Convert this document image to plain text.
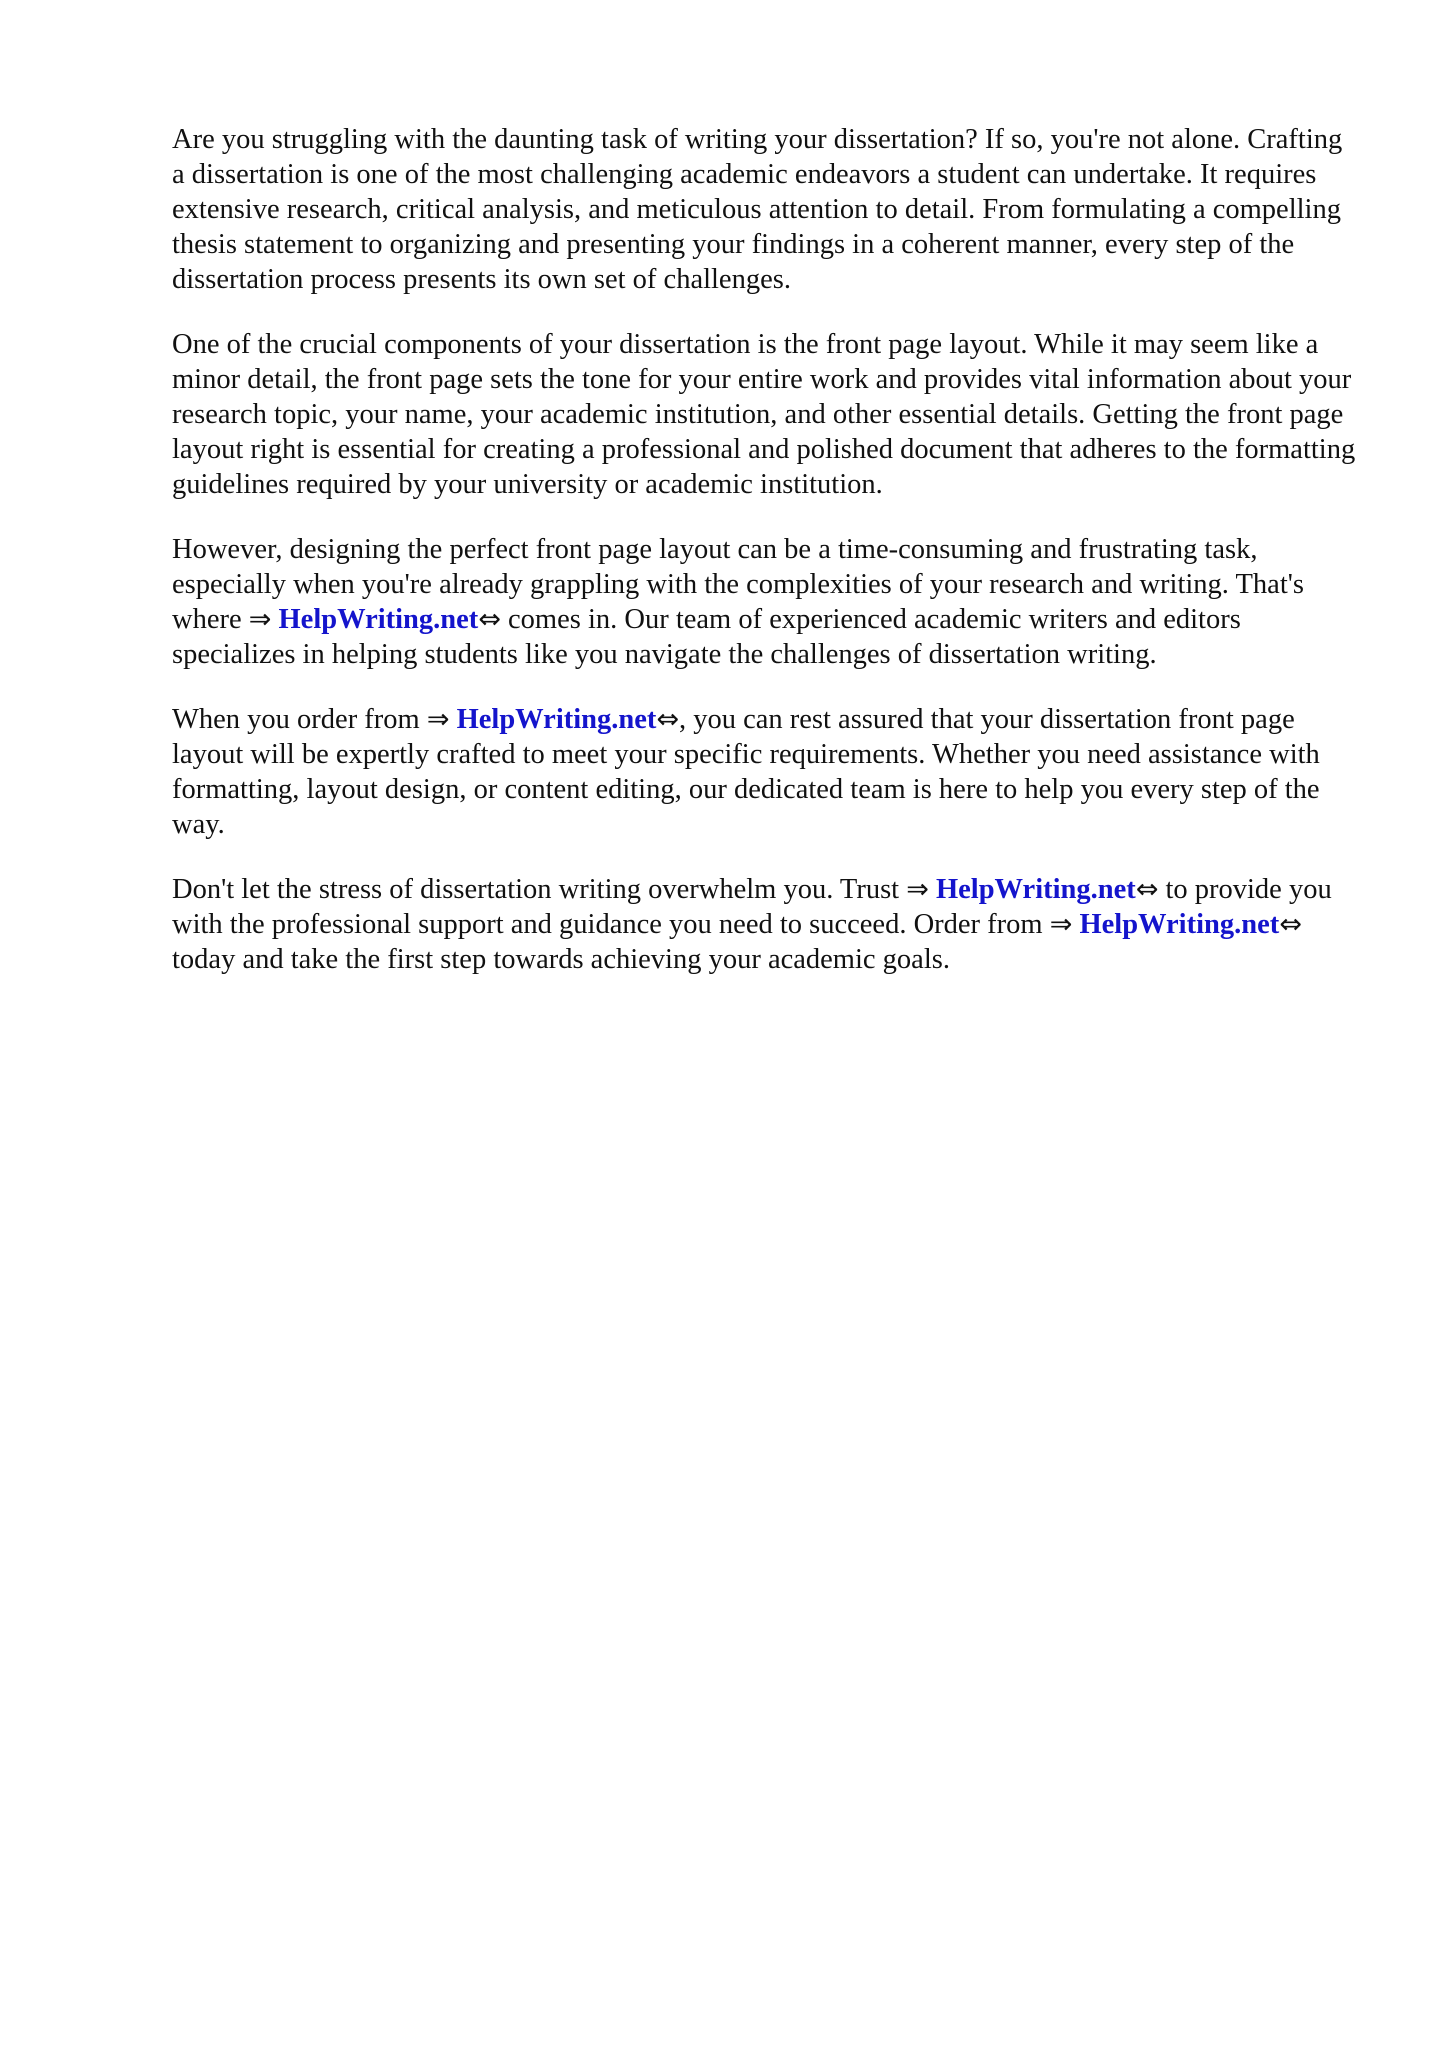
Are you struggling with the daunting task of writing your dissertation? If so, you're not alone. Crafting a dissertation is one of the most challenging academic endeavors a student can undertake. It requires extensive research, critical analysis, and meticulous attention to detail. From formulating a compelling thesis statement to organizing and presenting your findings in a coherent manner, every step of the dissertation process presents its own set of challenges.

One of the crucial components of your dissertation is the front page layout. While it may seem like a minor detail, the front page sets the tone for your entire work and provides vital information about your research topic, your name, your academic institution, and other essential details. Getting the front page layout right is essential for creating a professional and polished document that adheres to the formatting guidelines required by your university or academic institution.

However, designing the perfect front page layout can be a time-consuming and frustrating task, especially when you're already grappling with the complexities of your research and writing. That's where ⇒ HelpWriting.net⇔ comes in. Our team of experienced academic writers and editors specializes in helping students like you navigate the challenges of dissertation writing.

When you order from ⇒ HelpWriting.net⇔, you can rest assured that your dissertation front page layout will be expertly crafted to meet your specific requirements. Whether you need assistance with formatting, layout design, or content editing, our dedicated team is here to help you every step of the way.

Don't let the stress of dissertation writing overwhelm you. Trust ⇒ HelpWriting.net⇔ to provide you with the professional support and guidance you need to succeed. Order from ⇒ HelpWriting.net⇔ today and take the first step towards achieving your academic goals.
